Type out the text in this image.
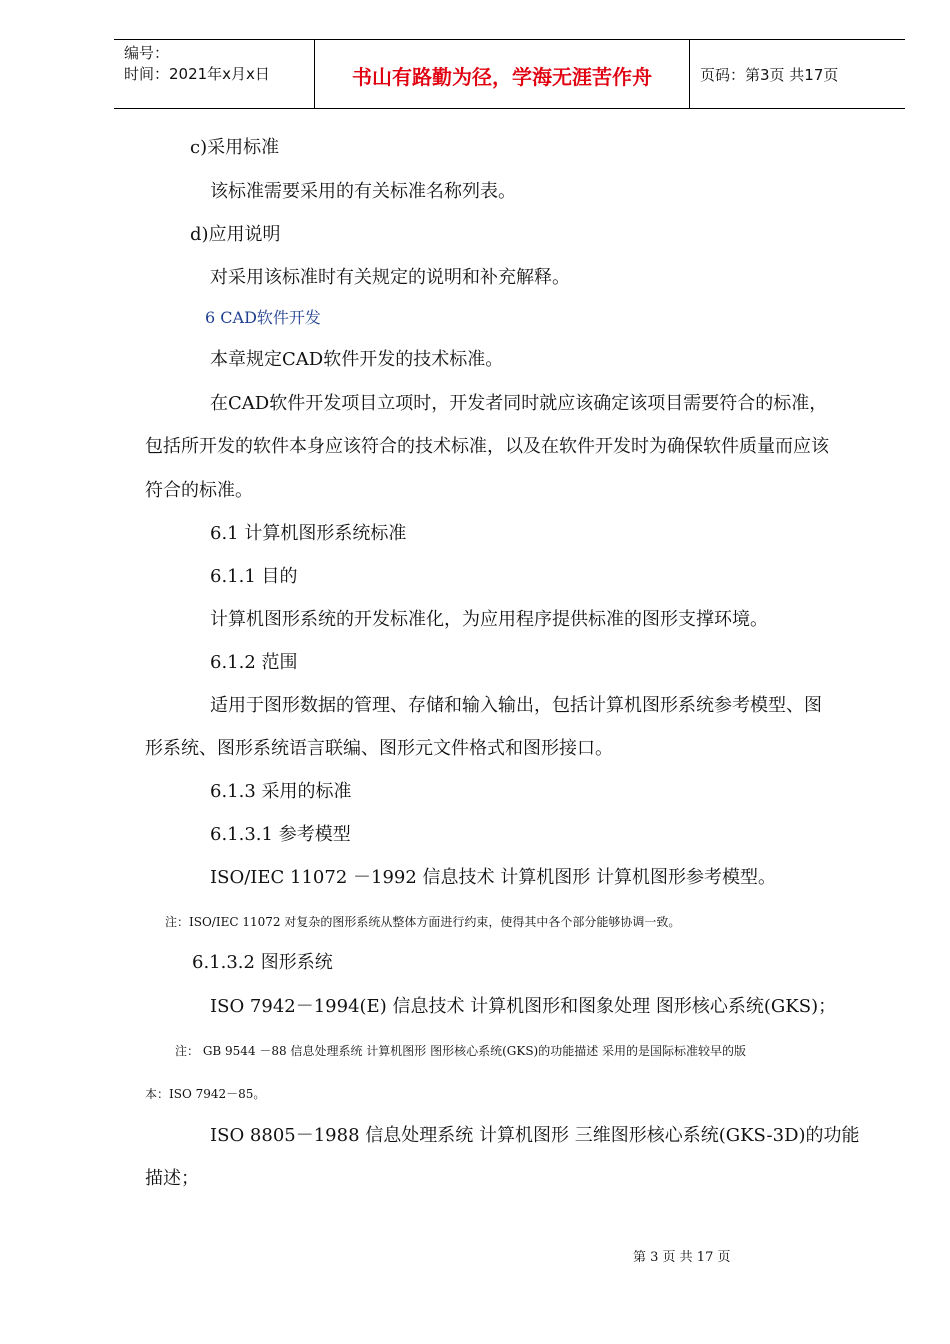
编号：
时间：2021年x月x日	书山有路勤为径，学海无涯苦作舟	页码：第3页 共17页
c)采用标准
该标准需要采用的有关标准名称列表。
d)应用说明
对采用该标准时有关规定的说明和补充解释。
6 CAD软件开发
本章规定CAD软件开发的技术标准。
在CAD软件开发项目立项时，开发者同时就应该确定该项目需要符合的标准，
包括所开发的软件本身应该符合的技术标准，以及在软件开发时为确保软件质量而应该
符合的标准。
6.1 计算机图形系统标准
6.1.1 目的
计算机图形系统的开发标准化，为应用程序提供标准的图形支撑环境。
6.1.2 范围
适用于图形数据的管理、存储和输入输出，包括计算机图形系统参考模型、图
形系统、图形系统语言联编、图形元文件格式和图形接口。
6.1.3 采用的标准
6.1.3.1 参考模型
ISO/IEC 11072 －1992 信息技术 计算机图形 计算机图形参考模型。
注：ISO/IEC 11072 对复杂的图形系统从整体方面进行约束，使得其中各个部分能够协调一致。
6.1.3.2 图形系统
ISO 7942－1994(E) 信息技术 计算机图形和图象处理 图形核心系统(GKS)；
注： GB 9544 －88 信息处理系统 计算机图形 图形核心系统(GKS)的功能描述 采用的是国际标准较早的版
本：ISO 7942－85。
ISO 8805－1988 信息处理系统 计算机图形 三维图形核心系统(GKS-3D)的功能
描述；
第 3 页 共 17 页
